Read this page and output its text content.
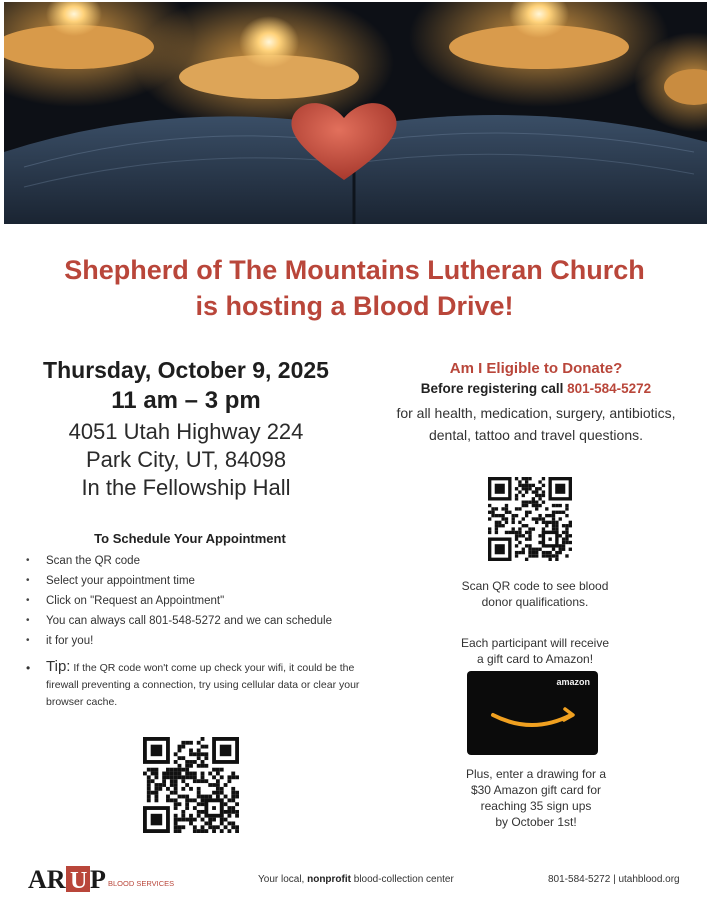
Shepherd of The Mountains Lutheran Church
is hosting a Blood Drive!
Thursday, October 9, 2025
11 am – 3 pm
4051 Utah Highway 224
Park City, UT, 84098
In the Fellowship Hall
To Schedule Your Appointment
• Scan the QR code
• Select your appointment time
• Click on "Request an Appointment"
• You can always call 801-548-5272 and we can schedule
• it for you!
• Tip: If the QR code won't come up check your wifi, it could be the firewall preventing a connection, try using cellular data or clear your browser cache.
Am I Eligible to Donate?
Before registering call 801-584-5272
for all health, medication, surgery, antibiotics,
dental, tattoo and travel questions.
Scan QR code to see blood
donor qualifications.
Each participant will receive
a gift card to Amazon!
amazon
Plus, enter a drawing for a
$30 Amazon gift card for
reaching 35 sign ups
by October 1st!
AR U P BLOOD SERVICES	Your local, nonprofit blood-collection center	801-584-5272 | utahblood.org
